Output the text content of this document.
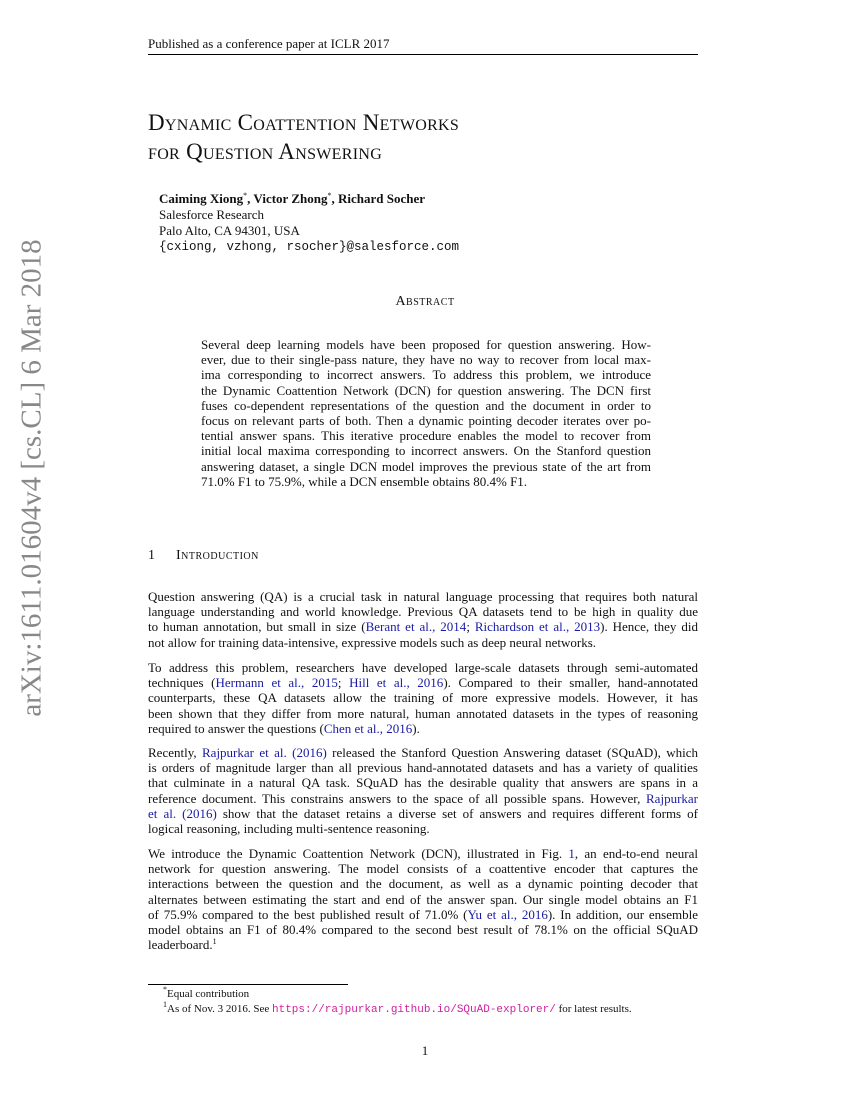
arXiv:1611.01604v4 [cs.CL] 6 Mar 2018
Published as a conference paper at ICLR 2017
Dynamic Coattention Networks
for Question Answering
Caiming Xiong*, Victor Zhong*, Richard Socher
Salesforce Research
Palo Alto, CA 94301, USA
{cxiong, vzhong, rsocher}@salesforce.com
Abstract
Several deep learning models have been proposed for question answering. How-
ever, due to their single-pass nature, they have no way to recover from local max-
ima corresponding to incorrect answers. To address this problem, we introduce
the Dynamic Coattention Network (DCN) for question answering. The DCN first
fuses co-dependent representations of the question and the document in order to
focus on relevant parts of both. Then a dynamic pointing decoder iterates over po-
tential answer spans. This iterative procedure enables the model to recover from
initial local maxima corresponding to incorrect answers. On the Stanford question
answering dataset, a single DCN model improves the previous state of the art from
71.0% F1 to 75.9%, while a DCN ensemble obtains 80.4% F1.
1 Introduction
Question answering (QA) is a crucial task in natural language processing that requires both natural
language understanding and world knowledge. Previous QA datasets tend to be high in quality due
to human annotation, but small in size (Berant et al., 2014; Richardson et al., 2013). Hence, they did
not allow for training data-intensive, expressive models such as deep neural networks.
To address this problem, researchers have developed large-scale datasets through semi-automated
techniques (Hermann et al., 2015; Hill et al., 2016). Compared to their smaller, hand-annotated
counterparts, these QA datasets allow the training of more expressive models. However, it has
been shown that they differ from more natural, human annotated datasets in the types of reasoning
required to answer the questions (Chen et al., 2016).
Recently, Rajpurkar et al. (2016) released the Stanford Question Answering dataset (SQuAD), which
is orders of magnitude larger than all previous hand-annotated datasets and has a variety of qualities
that culminate in a natural QA task. SQuAD has the desirable quality that answers are spans in a
reference document. This constrains answers to the space of all possible spans. However, Rajpurkar
et al. (2016) show that the dataset retains a diverse set of answers and requires different forms of
logical reasoning, including multi-sentence reasoning.
We introduce the Dynamic Coattention Network (DCN), illustrated in Fig. 1, an end-to-end neural
network for question answering. The model consists of a coattentive encoder that captures the
interactions between the question and the document, as well as a dynamic pointing decoder that
alternates between estimating the start and end of the answer span. Our single model obtains an F1
of 75.9% compared to the best published result of 71.0% (Yu et al., 2016). In addition, our ensemble
model obtains an F1 of 80.4% compared to the second best result of 78.1% on the official SQuAD
leaderboard.$^1$
*Equal contribution
$^1$As of Nov. 3 2016. See https://rajpurkar.github.io/SQuAD-explorer/ for latest results.
1
